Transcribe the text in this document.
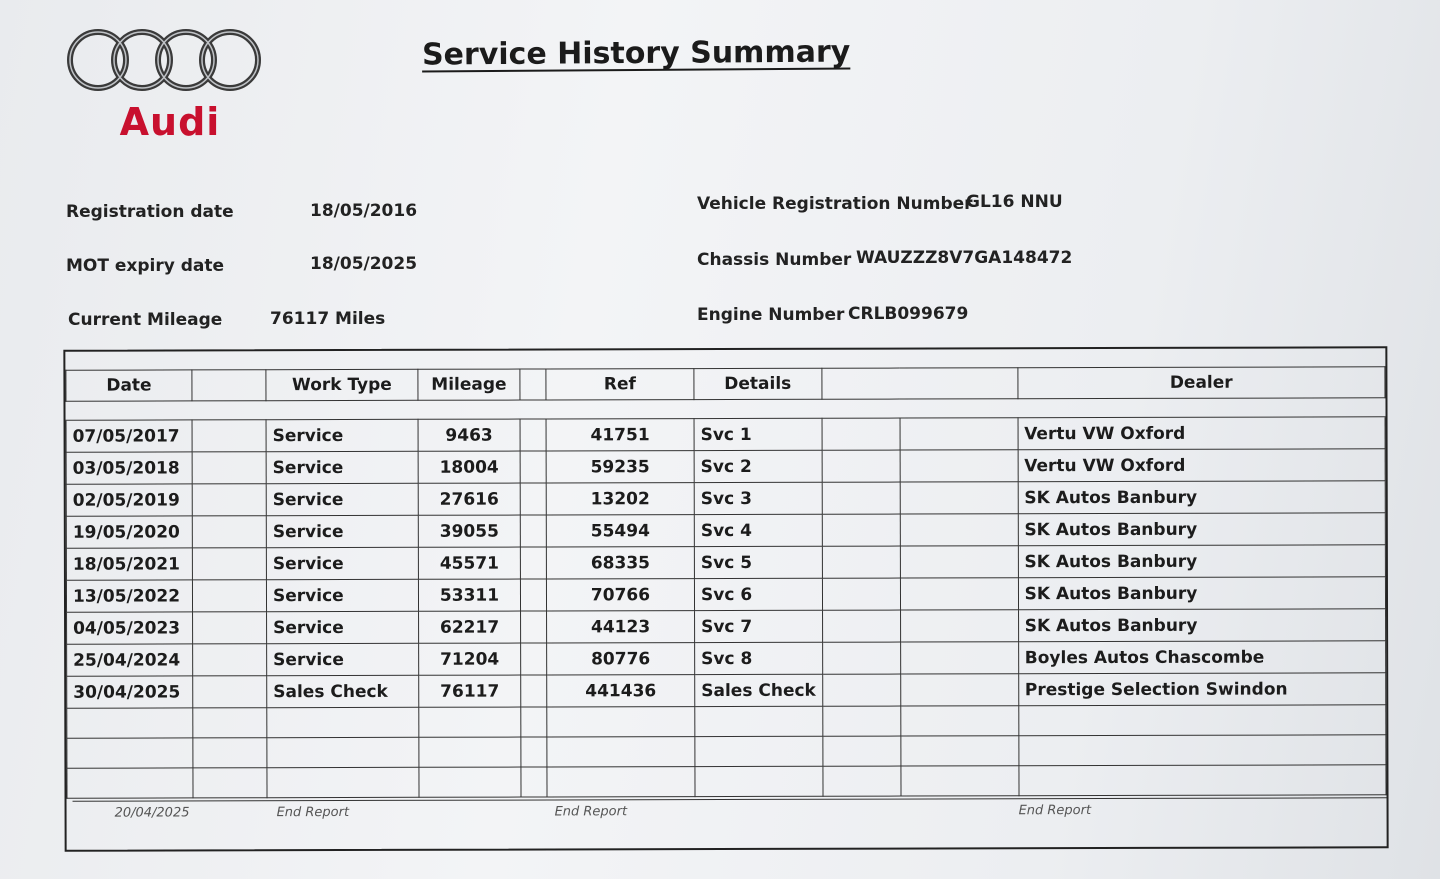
Audi
Service History Summary
Registration date	18/05/2016
MOT expiry date	18/05/2025
Current Mileage	76117 Miles
Vehicle Registration Number
GL16 NNU
Chassis Number WAUZZZ8V7GA148472
Engine Number CRLB099679

Date		Work Type	Mileage		Ref	Details			Dealer

07/05/2017		Service	9463		41751	Svc 1			Vertu VW Oxford
03/05/2018		Service	18004		59235	Svc 2			Vertu VW Oxford
02/05/2019		Service	27616		13202	Svc 3			SK Autos Banbury
19/05/2020		Service	39055		55494	Svc 4			SK Autos Banbury
18/05/2021		Service	45571		68335	Svc 5			SK Autos Banbury
13/05/2022		Service	53311		70766	Svc 6			SK Autos Banbury
04/05/2023		Service	62217		44123	Svc 7			SK Autos Banbury
25/04/2024		Service	71204		80776	Svc 8			Boyles Autos Chascombe
30/04/2025		Sales Check	76117		441436	Sales Check			Prestige Selection Swindon

20/04/2025	End Report	End Report	End Report
